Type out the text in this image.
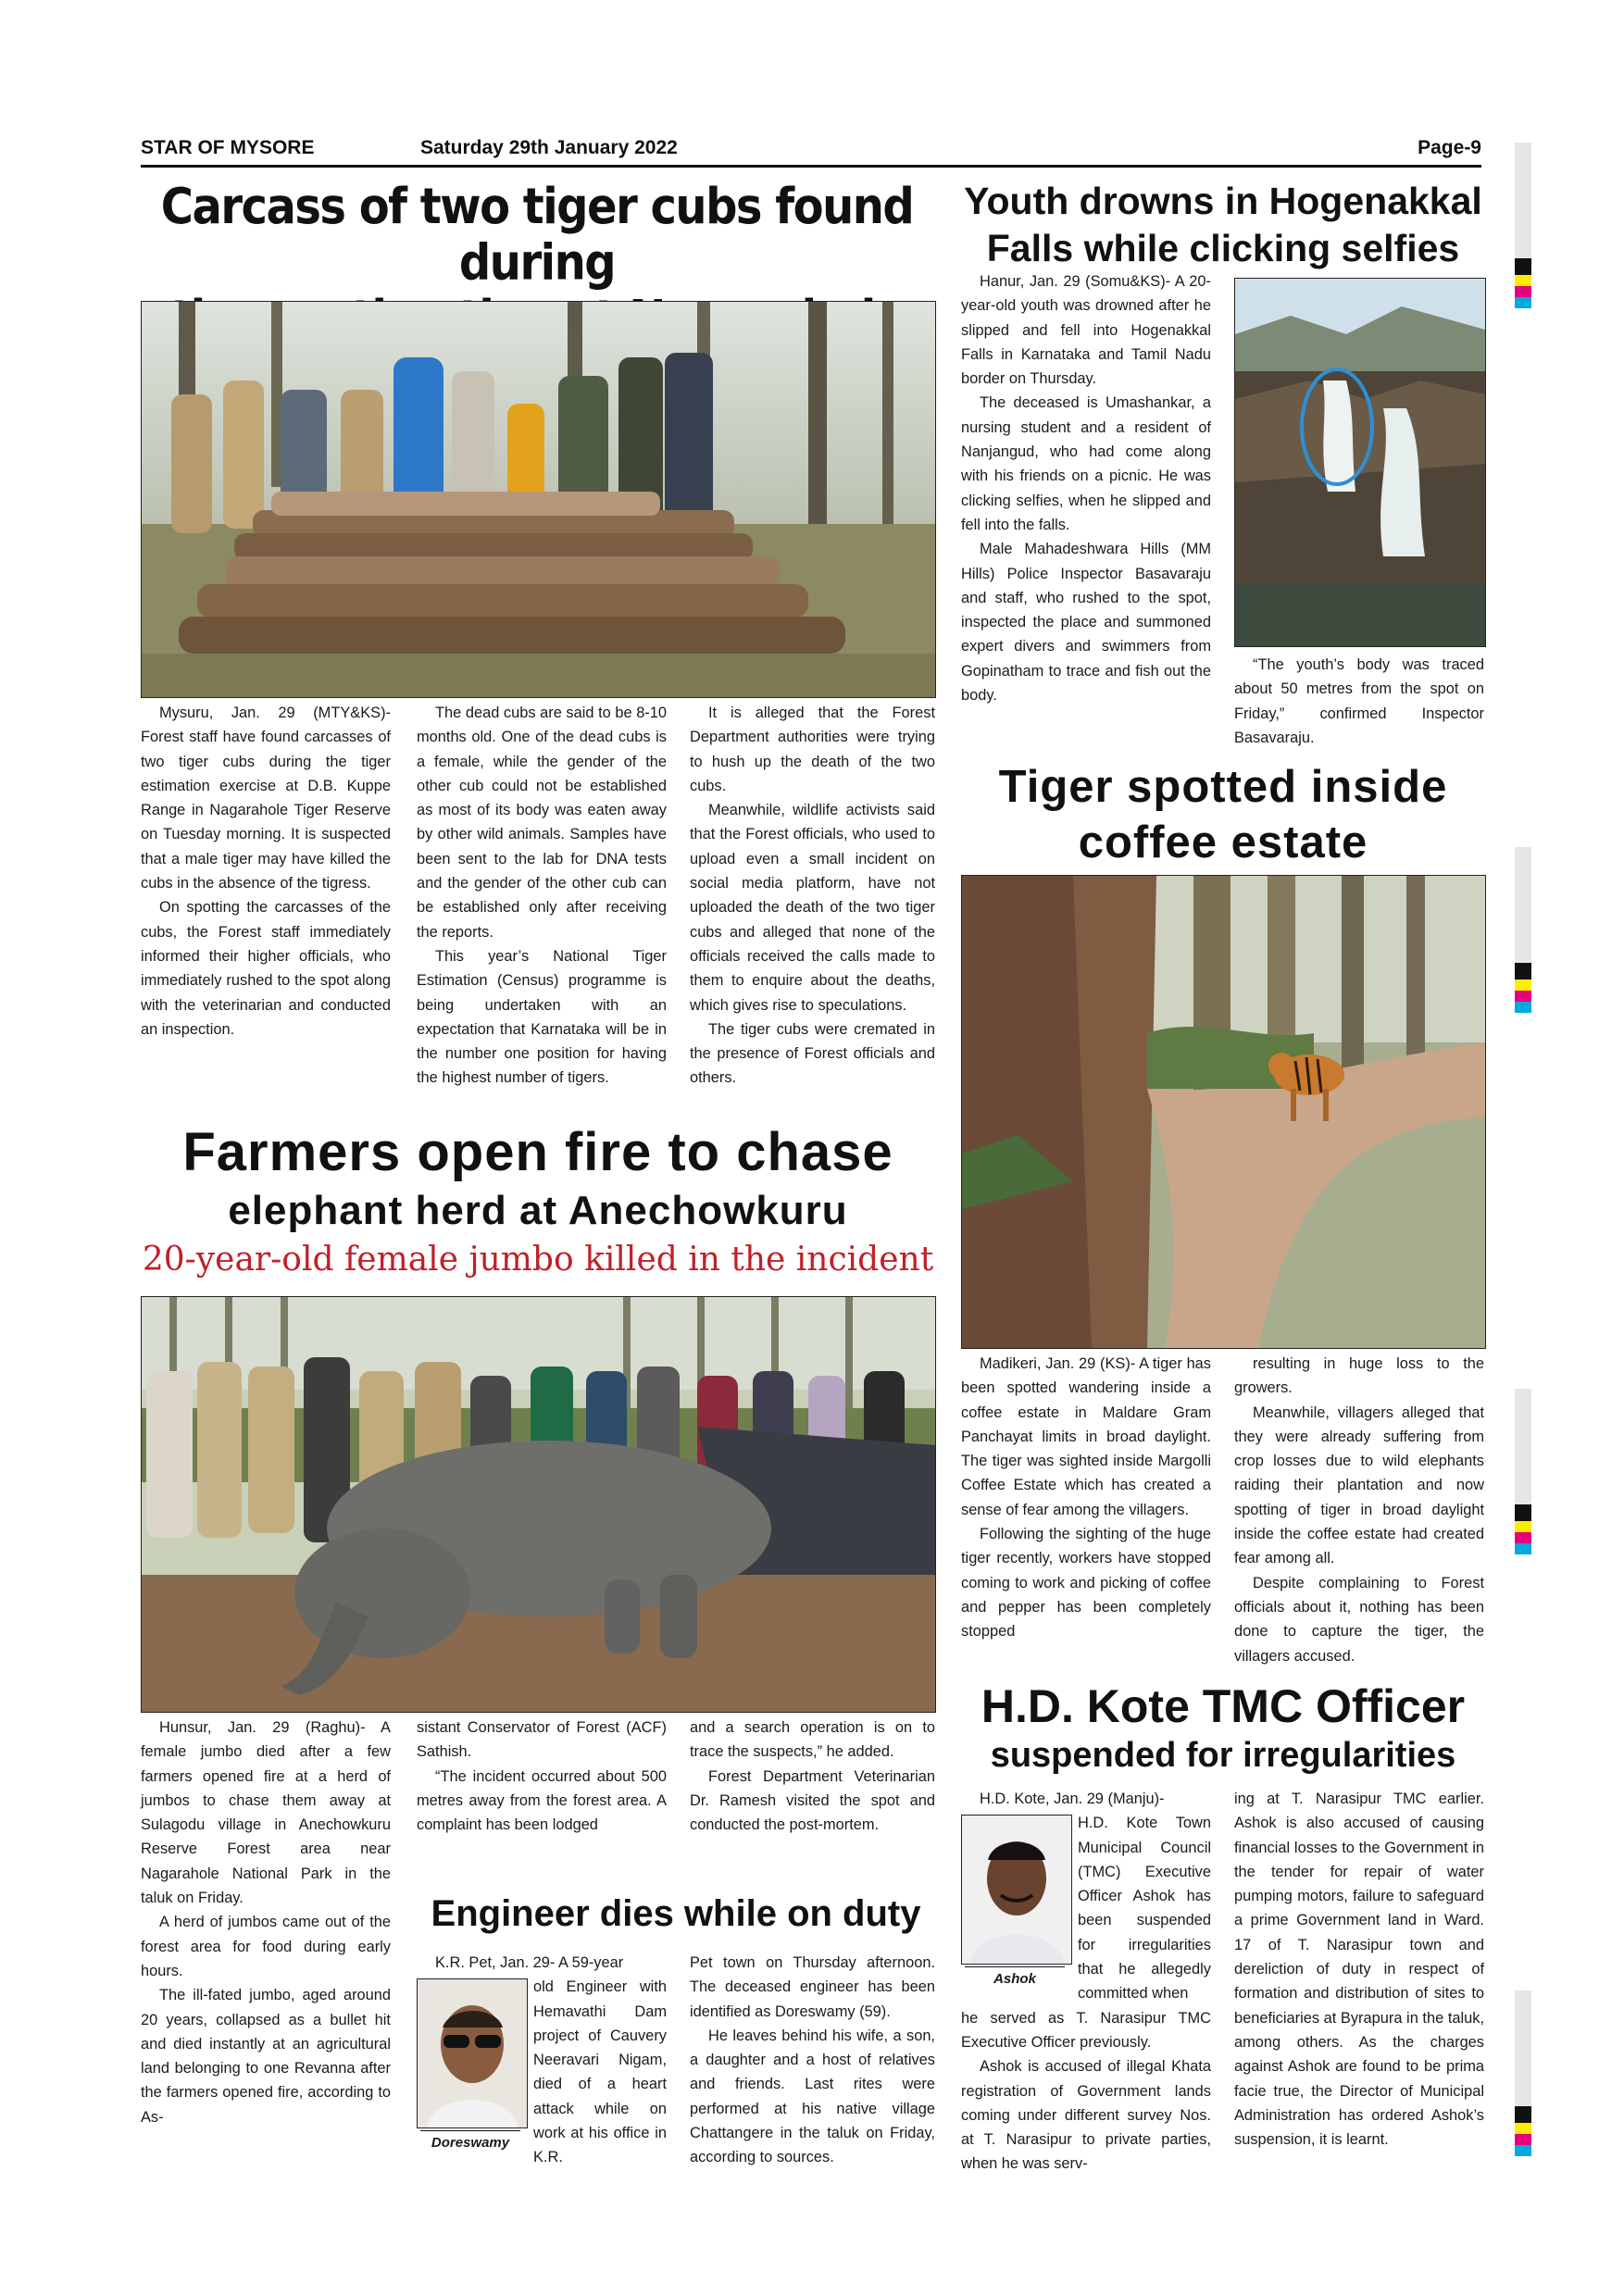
STAR OF MYSORE	Saturday 29th January 2022	Page-9
Carcass of two tiger cubs found during

Mysuru, Jan. 29 (MTY&KS)- Forest staff have found carcasses of two tiger cubs during the tiger estimation exercise at D.B. Kuppe Range in Nagarahole Tiger Reserve on Tuesday morning. It is suspected that a male tiger may have killed the cubs in the absence of the tigress.

On spotting the carcasses of the cubs, the Forest staff immediately informed their higher officials, who immediately rushed to the spot along with the veterinarian and conducted an inspection.

The dead cubs are said to be 8-10 months old. One of the dead cubs is a female, while the gender of the other cub could not be established as most of its body was eaten away by other wild animals. Samples have been sent to the lab for DNA tests and the gender of the other cub can be established only after receiving the reports.

This year’s National Tiger Estimation (Census) programme is being undertaken with an expectation that Karnataka will be in the number one position for having the highest number of tigers.

It is alleged that the Forest Department authorities were trying to hush up the death of the two cubs.

Meanwhile, wildlife activists said that the Forest officials, who used to upload even a small incident on social media platform, have not uploaded the death of the two tiger cubs and alleged that none of the officials received the calls made to them to enquire about the deaths, which gives rise to speculations.

The tiger cubs were cremated in the presence of Forest officials and others.

Youth drowns in Hogenakkal
Falls while clicking selfies

Hanur, Jan. 29 (Somu&KS)- A 20-year-old youth was drowned after he slipped and fell into Hogenakkal Falls in Karnataka and Tamil Nadu border on Thursday.

The deceased is Umashankar, a nursing student and a resident of Nanjangud, who had come along with his friends on a picnic. He was clicking selfies, when he slipped and fell into the falls.

Male Mahadeshwara Hills (MM Hills) Police Inspector Basavaraju and staff, who rushed to the spot, inspected the place and summoned expert divers and swimmers from Gopinatham to trace and fish out the body.

“The youth’s body was traced about 50 metres from the spot on Friday,” confirmed Inspector Basavaraju.

Tiger spotted inside
coffee estate

Madikeri, Jan. 29 (KS)- A tiger has been spotted wandering inside a coffee estate in Maldare Gram Panchayat limits in broad daylight. The tiger was sighted inside Margolli Coffee Estate which has created a sense of fear among the villagers.

Following the sighting of the huge tiger recently, workers have stopped coming to work and picking of coffee and pepper has been completely stopped

resulting in huge loss to the growers.

Meanwhile, villagers alleged that they were already suffering from crop losses due to wild elephants raiding their plantation and now spotting of tiger in broad daylight inside the coffee estate had created fear among all.

Despite complaining to Forest officials about it, nothing has been done to capture the tiger, the villagers accused.

Farmers open fire to chase
elephant herd at Anechowkuru
20-year-old female jumbo killed in the incident

Hunsur, Jan. 29 (Raghu)- A female jumbo died after a few farmers opened fire at a herd of jumbos to chase them away at Sulagodu village in Anechowkuru Reserve Forest area near Nagarahole National Park in the taluk on Friday.

A herd of jumbos came out of the forest area for food during early hours.

The ill-fated jumbo, aged around 20 years, collapsed as a bullet hit and died instantly at an agricultural land belonging to one Revanna after the farmers opened fire, according to As-

sistant Conservator of Forest (ACF) Sathish.

“The incident occurred about 500 metres away from the forest area. A complaint has been lodged

and a search operation is on to trace the suspects,” he added.

Forest Department Veterinarian Dr. Ramesh visited the spot and conducted the post-mortem.

Engineer dies while on duty

K.R. Pet, Jan. 29- A 59-year

Doreswamy
old Engineer with Hemavathi Dam project of Cauvery Neeravari Nigam, died of a heart attack while on work at his office in K.R.

Pet town on Thursday afternoon. The deceased engineer has been identified as Doreswamy (59).

He leaves behind his wife, a son, a daughter and a host of relatives and friends. Last rites were performed at his native village Chattangere in the taluk on Friday, according to sources.

H.D. Kote TMC Officer
suspended for irregularities

H.D. Kote, Jan. 29 (Manju)-

Ashok
H.D. Kote Town Municipal Council (TMC) Executive Officer Ashok has been suspended for irregularities that he allegedly committed when

he served as T. Narasipur TMC Executive Officer previously.

Ashok is accused of illegal Khata registration of Government lands coming under different survey Nos. at T. Narasipur to private parties, when he was serv-

ing at T. Narasipur TMC earlier. Ashok is also accused of causing financial losses to the Government in the tender for repair of water pumping motors, failure to safeguard a prime Government land in Ward. 17 of T. Narasipur town and dereliction of duty in respect of formation and distribution of sites to beneficiaries at Byrapura in the taluk, among others. As the charges against Ashok are found to be prima facie true, the Director of Municipal Administration has ordered Ashok’s suspension, it is learnt.
